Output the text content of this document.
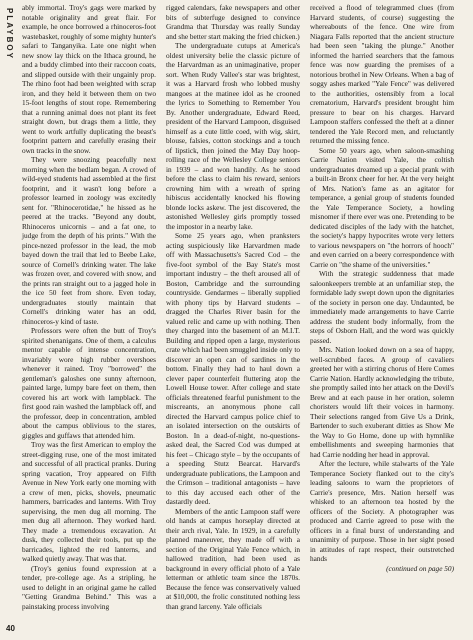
PLAYBOY

ably immortal. Troy's gags were marked by notable originality and great flair. For example, he once borrowed a rhinoceros-foot wastebasket, roughly of some mighty hunter's safari to Tanganyika. Late one night when new snow lay thick on the Ithaca ground, he and a buddy climbed into their raccoon coats, and slipped outside with their ungainly prop. The rhino foot had been weighted with scrap iron, and they held it between them on two 15-foot lengths of stout rope. Remembering that a running animal does not plant its feet straight down, but drags them a little, they went to work artfully duplicating the beast's footprint pattern and carefully erasing their own tracks in the snow.

They were snoozing peacefully next morning when the bedlam began. A crowd of wild-eyed students had assembled at the first footprint, and it wasn't long before a professor learned in zoology was excitedly sent for. "Rhinocerotidae," he hissed as he peered at the tracks. "Beyond any doubt, Rhinoceros unicornis – and a fat one, to judge from the depth of his prints." With the pince-nezed professor in the lead, the mob bayed down the trail that led to Beebe Lake, source of Cornell's drinking water. The lake was frozen over, and covered with snow, and the prints ran straight out to a jagged hole in the ice 50 feet from shore. Even today, undergraduates stoutly maintain that Cornell's drinking water has an odd, rhinoceros-y kind of taste.

Professors were often the butt of Troy's spirited shenanigans. One of them, a calculus mentor capable of intense concentration, invariably wore high rubber overshoes whenever it rained. Troy "borrowed" the gentleman's galoshes one sunny afternoon, painted large, lumpy bare feet on them, then covered his art work with lampblack. The first good rain washed the lampblack off, and the professor, deep in concentration, ambled about the campus oblivious to the stares, giggles and guffaws that attended him.

Troy was the first American to employ the street-digging ruse, one of the most imitated and successful of all practical pranks. During spring vacation, Troy appeared on Fifth Avenue in New York early one morning with a crew of men, picks, shovels, pneumatic hammers, barricades and lanterns. With Troy supervising, the men dug all morning. The men dug all afternoon. They worked hard. They made a tremendous excavation. At dusk, they collected their tools, put up the barricades, lighted the red lanterns, and walked quietly away. That was that.

(Troy's genius found expression at a tender, pre-college age. As a stripling, he used to delight in an original game he called "Getting Grandma Behind." This was a painstaking process involving

rigged calendars, fake newspapers and other bits of subterfuge designed to convince Grandma that Thursday was really Sunday and she better start making the fried chicken.)

The undergraduate cutups at America's oldest university belie the classic picture of the Harvardman as an unimaginative, proper sort. When Rudy Vallee's star was brightest, it was a Harvard frosh who lobbed mushy mangoes at the matinee idol as he crooned the lyrics to Something to Remember You By. Another undergraduate, Edward Reed, president of the Harvard Lampoon, disguised himself as a cute little coed, with wig, skirt, blouse, falsies, cotton stockings and a touch of lipstick, then joined the May Day hoop-rolling race of the Wellesley College seniors in 1939 – and won handily. As he stood before the class to claim his reward, seniors crowning him with a wreath of spring hibiscus accidentally knocked his flowing blonde locks askew. The jest discovered, the astonished Wellesley girls promptly tossed the impostor in a nearby lake.

Some 25 years ago, when pranksters acting suspiciously like Harvardmen made off with Massachusetts's Sacred Cod – the five-foot symbol of the Bay State's most important industry – the theft aroused all of Boston, Cambridge and the surrounding countryside. Gendarmes – liberally supplied with phony tips by Harvard students – dragged the Charles River basin for the valued relic and came up with nothing. Then they charged into the basement of an M.I.T. Building and ripped open a large, mysterious crate which had been smuggled inside only to discover an open can of sardines in the bottom. Finally they had to haul down a clever paper counterfeit fluttering atop the Lowell House tower. After college and state officials threatened fearful punishment to the miscreants, an anonymous phone call directed the Harvard campus police chief to an isolated intersection on the outskirts of Boston. In a dead-of-night, no-questions-asked deal, the Sacred Cod was dumped at his feet – Chicago style – by the occupants of a speeding Stutz Bearcat. Harvard's undergraduate publications, the Lampoon and the Crimson – traditional antagonists – have to this day accused each other of the dastardly deed.

Members of the antic Lampoon staff were old hands at campus horseplay directed at their arch rival, Yale. In 1929, in a carefully planned maneuver, they made off with a section of the Original Yale Fence which, in hallowed tradition, had been used as background in every official photo of a Yale letterman or athletic team since the 1870s. Because the fence was conservatively valued at $10,000, the frolic constituted nothing less than grand larceny. Yale officials

received a flood of telegrammed clues (from Harvard students, of course) suggesting the whereabouts of the fence. One wire from Niagara Falls reported that the ancient structure had been seen "taking the plunge." Another informed the harried searchers that the famous fence was now guarding the premises of a notorious brothel in New Orleans. When a bag of soggy ashes marked "Yale Fence" was delivered to the authorities, ostensibly from a local crematorium, Harvard's president brought him pressure to bear on his charges. Harvard Lampoon staffers confessed the theft at a dinner tendered the Yale Record men, and reluctantly returned the missing fence.

Some 50 years ago, when saloon-smashing Carrie Nation visited Yale, the coltish undergraduates dreamed up a special prank with a built-in Bronx cheer for her. At the very height of Mrs. Nation's fame as an agitator for temperance, a genial group of students founded the Yale Temperance Society, a howling misnomer if there ever was one. Pretending to be dedicated disciples of the lady with the hatchet, the society's happy hypocrites wrote very letters to various newspapers on "the horrors of hooch" and even carried on a beery correspondence with Carrie on "the shame of the universities."

With the strategic suddenness that made saloonkeepers tremble at an unfamiliar step, the formidable lady swept down upon the dignitaries of the society in person one day. Undaunted, be immediately made arrangements to have Carrie address the student body informally, from the steps of Osborn Hall, and the word was quickly passed.

Mrs. Nation looked down on a sea of happy, well-scrubbed faces. A group of cavaliers greeted her with a stirring chorus of Here Comes Carrie Nation. Hardly acknowledging the tribute, she promptly sailed into her attack on the Devil's Brew and at each pause in her oration, solemn choristers would lift their voices in harmony. Their selections ranged from Give Us a Drink, Bartender to such exuberant ditties as Show Me the Way to Go Home, done up with hymnlike embellishments and sweeping harmonies that had Carrie nodding her head in approval.

After the lecture, while stalwarts of the Yale Temperance Society flanked out to the city's leading saloons to warn the proprietors of Carrie's presence, Mrs. Nation herself was whisked to an afternoon tea hosted by the officers of the Society. A photographer was produced and Carrie agreed to pose with the officers in a final burst of understanding and unanimity of purpose. Those in her sight posed in attitudes of rapt respect, their outstretched hands

(continued on page 50)
40
